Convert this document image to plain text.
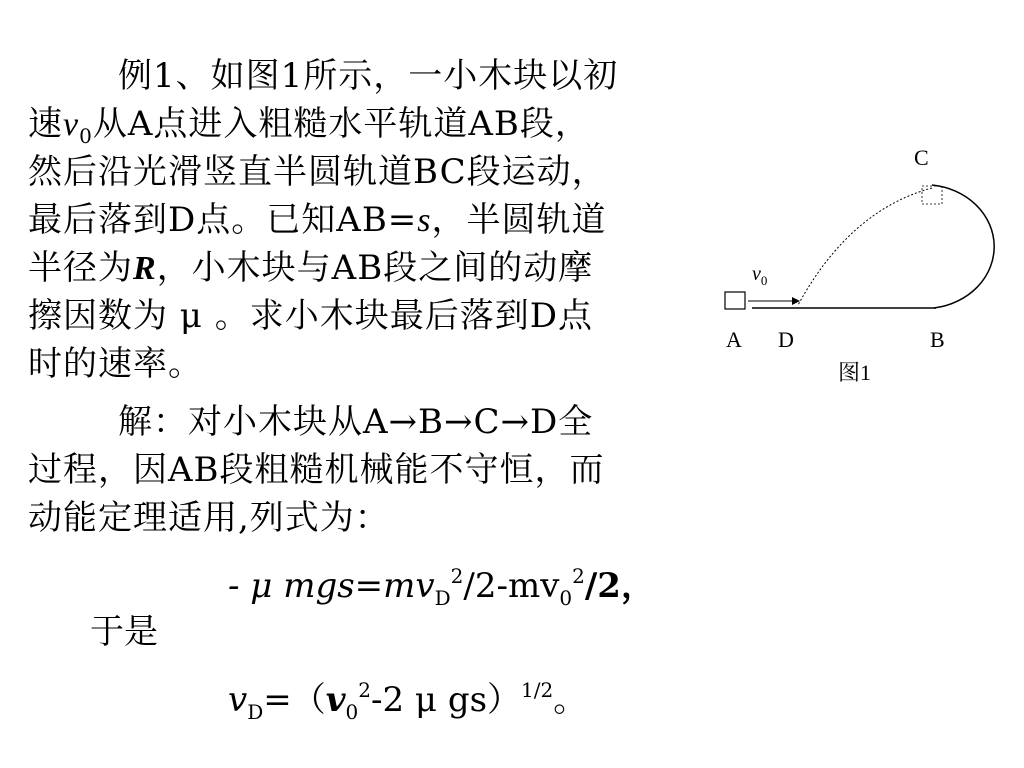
例1、如图1所示，一小木块以初
速$v_0$从A点进入粗糙水平轨道AB段，
然后沿光滑竖直半圆轨道BC段运动，
最后落到D点。已知AB=s，半圆轨道
半径为R，小木块与AB段之间的动摩
擦因数为 μ 。求小木块最后落到D点
时的速率。
解：对小木块从A→B→C→D全
过程，因AB段粗糙机械能不守恒，而
动能定理适用,列式为：
- μ $mgs=mv_D^2/2-mv_0^2/2$，
于是
$v_D=(v_0^2-2$ μ gs）$^{1/2}$。
C
$v_0$
A D	B
图1
